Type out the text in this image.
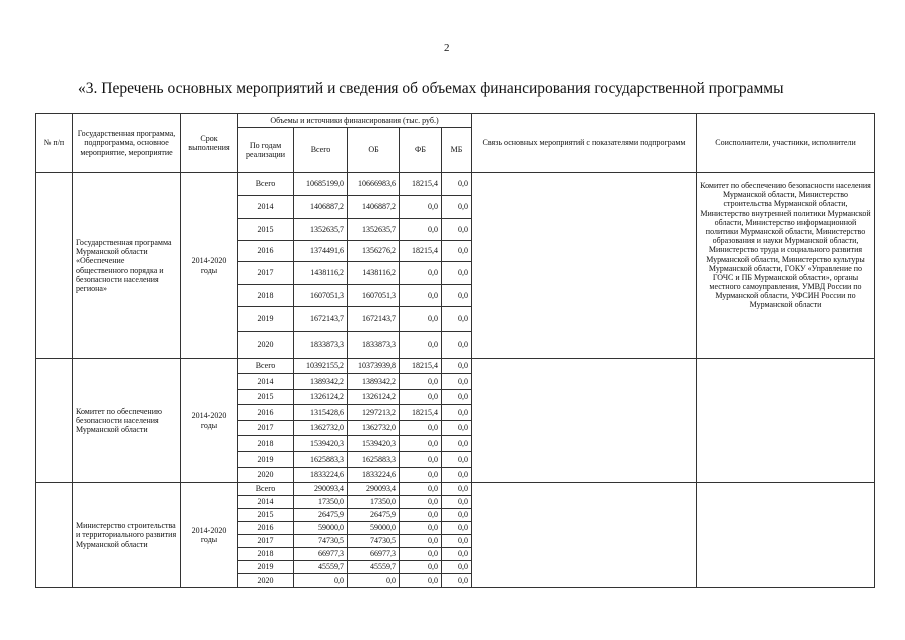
2
«3. Перечень основных мероприятий и сведения об объемах финансирования государственной программы
№ п/п	Государственная программа, подпрограмма, основное мероприятие, мероприятие	Срок выполнения	Объемы и источники финансирования (тыс. руб.)					Связь основных мероприятий с показателями подпрограмм	Соисполнители, участники, исполнители
			По годам реализации	Всего	ОБ	ФБ	МБ		
	Государственная программа Мурманской области «Обеспечение общественного порядка и безопасности населения региона»	2014-2020 годы	Всего	10685199,0	10666983,6	18215,4	0,0		Комитет по обеспечению безопасности населения Мурманской области, Министерство строительства Мурманской области, Министерство внутренней политики Мурманской области, Министерство информационной политики Мурманской области, Министерство образования и науки Мурманской области, Министерство труда и социального развития Мурманской области, Министерство культуры Мурманской области, ГОКУ «Управление по ГОЧС и ПБ Мурманской области», органы местного самоуправления, УМВД России по Мурманской области, УФСИН России по Мурманской области
			2014	1406887,2	1406887,2	0,0	0,0		
			2015	1352635,7	1352635,7	0,0	0,0		
			2016	1374491,6	1356276,2	18215,4	0,0		
			2017	1438116,2	1438116,2	0,0	0,0		
			2018	1607051,3	1607051,3	0,0	0,0		
			2019	1672143,7	1672143,7	0,0	0,0		
			2020	1833873,3	1833873,3	0,0	0,0		
	Комитет по обеспечению безопасности населения Мурманской области	2014-2020 годы	Всего	10392155,2	10373939,8	18215,4	0,0		
			2014	1389342,2	1389342,2	0,0	0,0		
			2015	1326124,2	1326124,2	0,0	0,0		
			2016	1315428,6	1297213,2	18215,4	0,0		
			2017	1362732,0	1362732,0	0,0	0,0		
			2018	1539420,3	1539420,3	0,0	0,0		
			2019	1625883,3	1625883,3	0,0	0,0		
			2020	1833224,6	1833224,6	0,0	0,0		
	Министерство строительства и территориального развития Мурманской области	2014-2020 годы	Всего	290093,4	290093,4	0,0	0,0		
			2014	17350,0	17350,0	0,0	0,0		
			2015	26475,9	26475,9	0,0	0,0		
			2016	59000,0	59000,0	0,0	0,0		
			2017	74730,5	74730,5	0,0	0,0		
			2018	66977,3	66977,3	0,0	0,0		
			2019	45559,7	45559,7	0,0	0,0		
			2020	0,0	0,0	0,0	0,0		
